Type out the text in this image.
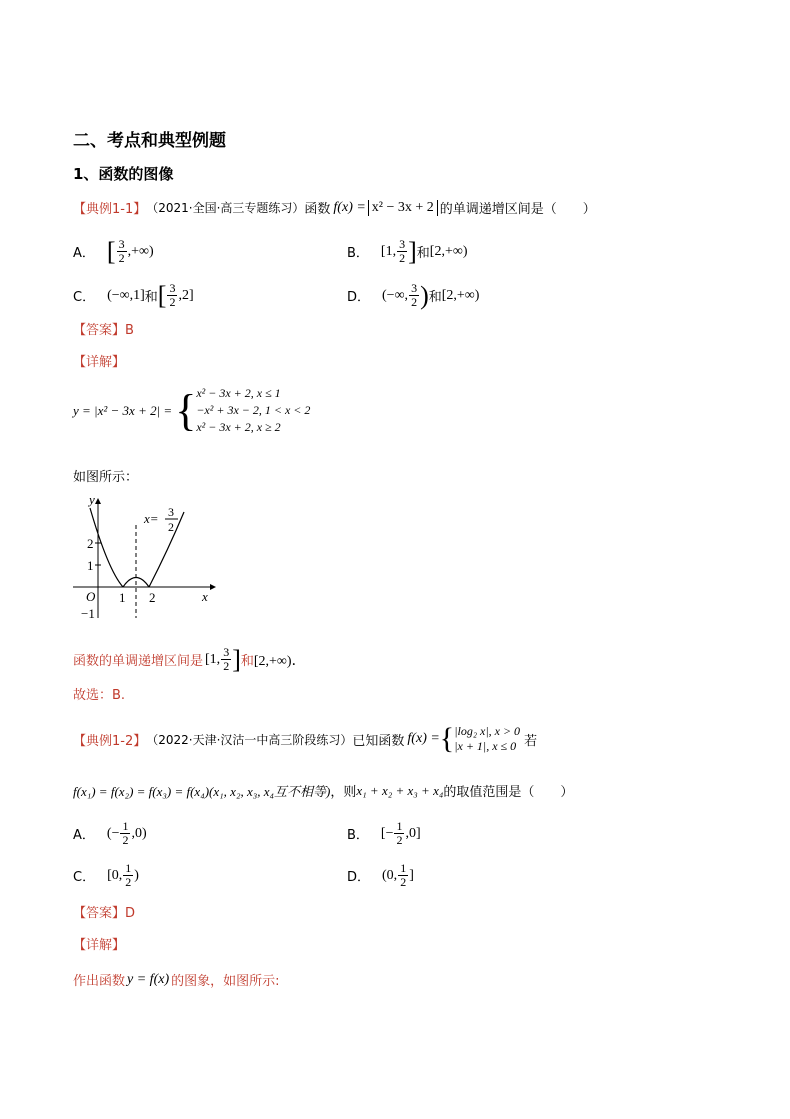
二、考点和典型例题
1、函数的图像
【典例1-1】 （2021·全国·高三专题练习） 函数 f(x) = x² − 3x + 2 的单调递增区间是（　　）
A． [ $\frac{3}{2}$ ,+∞)	B． [1, $\frac{3}{2}$ ] 和 [2,+∞)
C． (−∞,1] 和 [ $\frac{3}{2} ,2$]	D． (−∞, $\frac{3}{2}$ ) 和 [2,+∞)
【答案】B
【详解】
y = |x² − 3x + 2| = { x² − 3x + 2, x ≤ 1
−x² + 3x − 2, 1 < x < 2
x² − 3x + 2, x ≥ 2
如图所示：
y
x
O
1
2
−1
1 2
x= 3
2
函数的单调递增区间是 [1, $\frac{3}{2}$ ] 和 [2,+∞)．
故选：B.
【典例1-2】 （2022·天津·汉沽一中高三阶段练习） 已知函数 f(x) = { |log₂ x|, x > 0
|x + 1|, x ≤ 0 若
f(x₁) = f(x₂) = f(x₃) = f(x₄)(x₁, x₂, x₃, x₄互不相等) ，则 x₁ + x₂ + x₃ + x₄ 的取值范围是（　　）
A． (− $\frac{1}{2} ,0$)	B． [− $\frac{1}{2} ,0$]
C． [0, $\frac{1}{2}$ )	D． (0, $\frac{1}{2}$ ]
【答案】D
【详解】
作出函数 y = f(x) 的图象，如图所示:
